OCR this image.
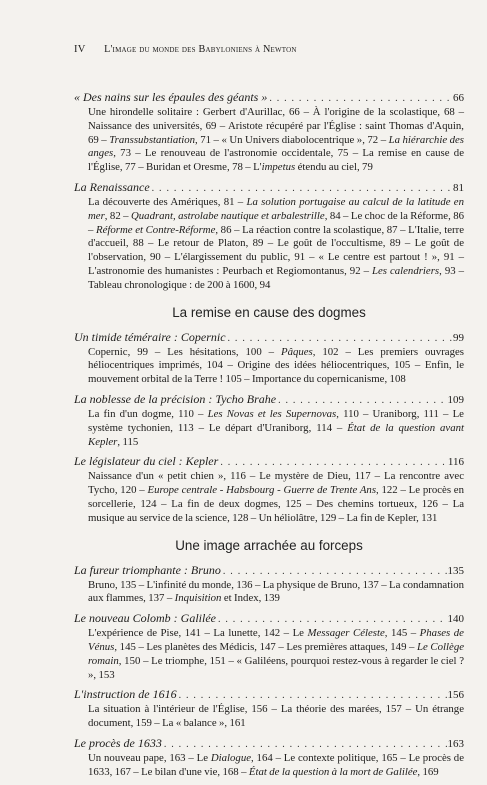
IV L'image du monde des Babyloniens à Newton
« Des nains sur les épaules des géants » . . .	66
Une hirondelle solitaire : Gerbert d'Aurillac, 66 – À l'origine de la scolastique, 68 – Naissance des universités, 69 – Aristote récupéré par l'Église : saint Thomas d'Aquin, 69 – Transsubstantiation, 71 – « Un Univers diabolocentrique », 72 – La hiérarchie des anges, 73 – Le renouveau de l'astronomie occidentale, 75 – La remise en cause de l'Église, 77 – Buridan et Oresme, 78 – L'impetus étendu au ciel, 79
La Renaissance . . .	81
La découverte des Amériques, 81 – La solution portugaise au calcul de la latitude en mer, 82 – Quadrant, astrolabe nautique et arbalestrille, 84 – Le choc de la Réforme, 86 – Réforme et Contre-Réforme, 86 – La réaction contre la scolastique, 87 – L'Italie, terre d'accueil, 88 – Le retour de Platon, 89 – Le goût de l'occultisme, 89 – Le goût de l'observation, 90 – L'élargissement du public, 91 – « Le centre est partout ! », 91 – L'astronomie des humanistes : Peurbach et Regiomontanus, 92 – Les calendriers, 93 – Tableau chronologique : de 200 à 1600, 94
La remise en cause des dogmes
Un timide téméraire : Copernic . . .	99
Copernic, 99 – Les hésitations, 100 – Pâques, 102 – Les premiers ouvrages héliocentriques imprimés, 104 – Origine des idées héliocentriques, 105 – Enfin, le mouvement orbital de la Terre ! 105 – Importance du copernicanisme, 108
La noblesse de la précision : Tycho Brahe . . .	109
La fin d'un dogme, 110 – Les Novas et les Supernovas, 110 – Uraniborg, 111 – Le système tychonien, 113 – Le départ d'Uraniborg, 114 – État de la question avant Kepler, 115
Le législateur du ciel : Kepler . . .	116
Naissance d'un « petit chien », 116 – Le mystère de Dieu, 117 – La rencontre avec Tycho, 120 – Europe centrale - Habsbourg - Guerre de Trente Ans, 122 – Le procès en sorcellerie, 124 – La fin de deux dogmes, 125 – Des chemins tortueux, 126 – La musique au service de la science, 128 – Un héliolâtre, 129 – La fin de Kepler, 131
Une image arrachée au forceps
La fureur triomphante : Bruno . . .	135
Bruno, 135 – L'infinité du monde, 136 – La physique de Bruno, 137 – La condamnation aux flammes, 137 – Inquisition et Index, 139
Le nouveau Colomb : Galilée . . .	140
L'expérience de Pise, 141 – La lunette, 142 – Le Messager Céleste, 145 – Phases de Vénus, 145 – Les planètes des Médicis, 147 – Les premières attaques, 149 – Le Collège romain, 150 – Le triomphe, 151 – « Galiléens, pourquoi restez-vous à regarder le ciel ? », 153
L'instruction de 1616 . . .	156
La situation à l'intérieur de l'Église, 156 – La théorie des marées, 157 – Un étrange document, 159 – La « balance », 161
Le procès de 1633 . . .	163
Un nouveau pape, 163 – Le Dialogue, 164 – Le contexte politique, 165 – Le procès de 1633, 167 – Le bilan d'une vie, 168 – État de la question à la mort de Galilée, 169
